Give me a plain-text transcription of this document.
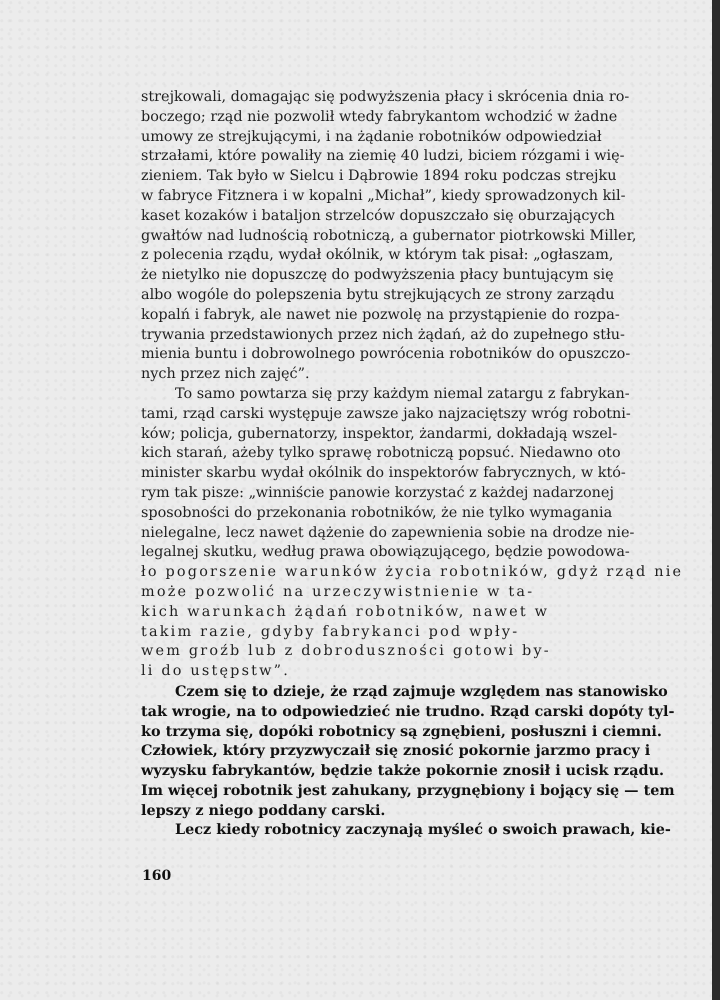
strejkowali, domagając się podwyższenia płacy i skrócenia dnia ro-
boczego; rząd nie pozwolił wtedy fabrykantom wchodzić w żadne
umowy ze strejkującymi, i na żądanie robotników odpowiedział
strzałami, które powaliły na ziemię 40 ludzi, biciem rózgami i wię-
zieniem. Tak było w Sielcu i Dąbrowie 1894 roku podczas strejku
w fabryce Fitznera i w kopalni „Michał”, kiedy sprowadzonych kil-
kaset kozaków i bataljon strzelców dopuszczało się oburzających
gwałtów nad ludnością robotniczą, a gubernator piotrkowski Miller,
z polecenia rządu, wydał okólnik, w którym tak pisał: „ogłaszam,
że nietylko nie dopuszczę do podwyższenia płacy buntującym się
albo wogóle do polepszenia bytu strejkujących ze strony zarządu
kopalń i fabryk, ale nawet nie pozwolę na przystąpienie do rozpa-
trywania przedstawionych przez nich żądań, aż do zupełnego stłu-
mienia buntu i dobrowolnego powrócenia robotników do opuszczo-
nych przez nich zajęć”.
To samo powtarza się przy każdym niemal zatargu z fabrykan-
tami, rząd carski występuje zawsze jako najzaciętszy wróg robotni-
ków; policja, gubernatorzy, inspektor, żandarmi, dokładają wszel-
kich starań, ażeby tylko sprawę robotniczą popsuć. Niedawno oto
minister skarbu wydał okólnik do inspektorów fabrycznych, w któ-
rym tak pisze: „winniście panowie korzystać z każdej nadarzonej
sposobności do przekonania robotników, że nie tylko wymagania
nielegalne, lecz nawet dążenie do zapewnienia sobie na drodze nie-
legalnej skutku, według prawa obowiązującego, będzie powodowa-
ło pogorszenie warunków życia robotników, gdyż rząd nie
może pozwolić na urzeczywistnienie w ta-
kich warunkach żądań robotników, nawet w
takim razie, gdyby fabrykanci pod wpły-
wem groźb lub z dobroduszności gotowi by-
li do ustępstw”.
Czem się to dzieje, że rząd zajmuje względem nas stanowisko
tak wrogie, na to odpowiedzieć nie trudno. Rząd carski dopóty tyl-
ko trzyma się, dopóki robotnicy są zgnębieni, posłuszni i ciemni.
Człowiek, który przyzwyczaił się znosić pokornie jarzmo pracy i
wyzysku fabrykantów, będzie także pokornie znosił i ucisk rządu.
Im więcej robotnik jest zahukany, przygnębiony i bojący się — tem
lepszy z niego poddany carski.
Lecz kiedy robotnicy zaczynają myśleć o swoich prawach, kie-
160
